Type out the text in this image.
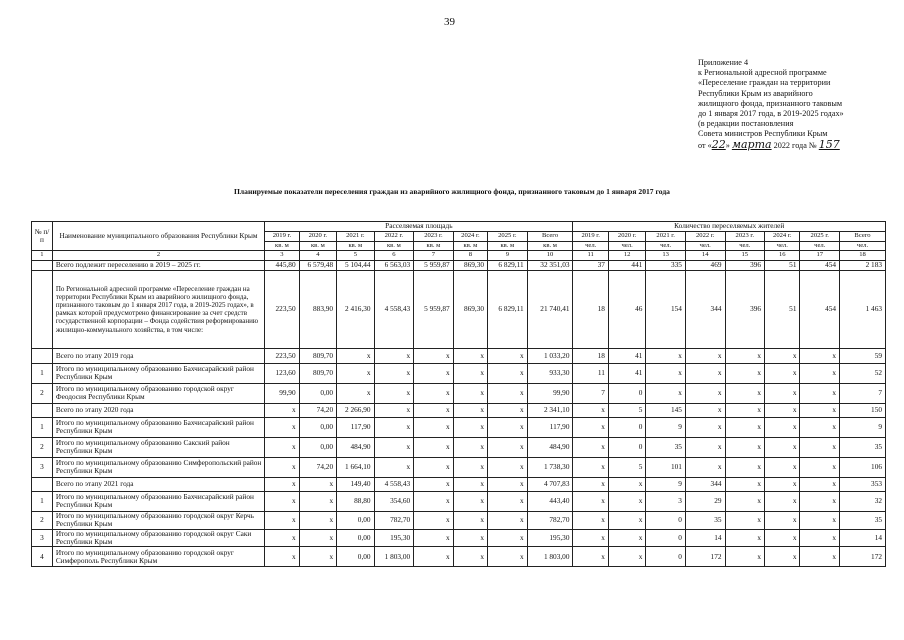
39
Приложение 4
к Региональной адресной программе
«Переселение граждан на территории
Республики Крым из аварийного
жилищного фонда, признанного таковым
до 1 января 2017 года, в 2019-2025 годах»
(в редакции постановления
Совета министров Республики Крым
от «22» марта 2022 года № 157
Планируемые показатели переселения граждан из аварийного жилищного фонда, признанного таковым до 1 января 2017 года
№ п/п	Наименование муниципального образования Республики Крым	Расселяемая площадь								Количество переселяемых жителей							
		2019 г.	2020 г.	2021 г.	2022 г.	2023 г.	2024 г.	2025 г.	Всего	2019 г.	2020 г.	2021 г.	2022 г.	2023 г.	2024 г.	2025 г.	Всего
		кв. м	кв. м	кв. м	кв. м	кв. м	кв. м	кв. м	кв. м	чел.	чел.	чел.	чел.	чел.	чел.	чел.	чел.
1	2	3	4	5	6	7	8	9	10	11	12	13	14	15	16	17	18
	Всего подлежит переселению в 2019 – 2025 гг.	445,80	6 579,48	5 104,44	6 563,03	5 959,87	869,30	6 829,11	32 351,03	37	441	335	469	396	51	454	2 183
	По Региональной адресной программе «Переселение граждан на территории Республики Крым из аварийного жилищного фонда, признанного таковым до 1 января 2017 года, в 2019-2025 годах», в рамках которой предусмотрено финансирование за счет средств государственной корпорации – Фонда содействия реформированию жилищно-коммунального хозяйства, в том числе:	223,50	883,90	2 416,30	4 558,43	5 959,87	869,30	6 829,11	21 740,41	18	46	154	344	396	51	454	1 463
	Всего по этапу 2019 года	223,50	809,70	x	x	x	x	x	1 033,20	18	41	x	x	x	x	x	59
1	Итого по муниципальному образованию Бахчисарайский район Республики Крым	123,60	809,70	x	x	x	x	x	933,30	11	41	x	x	x	x	x	52
2	Итого по муниципальному образованию городской округ Феодосия Республики Крым	99,90	0,00	x	x	x	x	x	99,90	7	0	x	x	x	x	x	7
	Всего по этапу 2020 года	x	74,20	2 266,90	x	x	x	x	2 341,10	x	5	145	x	x	x	x	150
1	Итого по муниципальному образованию Бахчисарайский район Республики Крым	x	0,00	117,90	x	x	x	x	117,90	x	0	9	x	x	x	x	9
2	Итого по муниципальному образованию Сакский район Республики Крым	x	0,00	484,90	x	x	x	x	484,90	x	0	35	x	x	x	x	35
3	Итого по муниципальному образованию Симферопольский район Республики Крым	x	74,20	1 664,10	x	x	x	x	1 738,30	x	5	101	x	x	x	x	106
	Всего по этапу 2021 года	x	x	149,40	4 558,43	x	x	x	4 707,83	x	x	9	344	x	x	x	353
1	Итого по муниципальному образованию Бахчисарайский район Республики Крым	x	x	88,80	354,60	x	x	x	443,40	x	x	3	29	x	x	x	32
2	Итого по муниципальному образованию городской округ Керчь Республики Крым	x	x	0,00	782,70	x	x	x	782,70	x	x	0	35	x	x	x	35
3	Итого по муниципальному образованию городской округ Саки Республики Крым	x	x	0,00	195,30	x	x	x	195,30	x	x	0	14	x	x	x	14
4	Итого по муниципальному образованию городской округ Симферополь Республики Крым	x	x	0,00	1 803,00	x	x	x	1 803,00	x	x	0	172	x	x	x	172
